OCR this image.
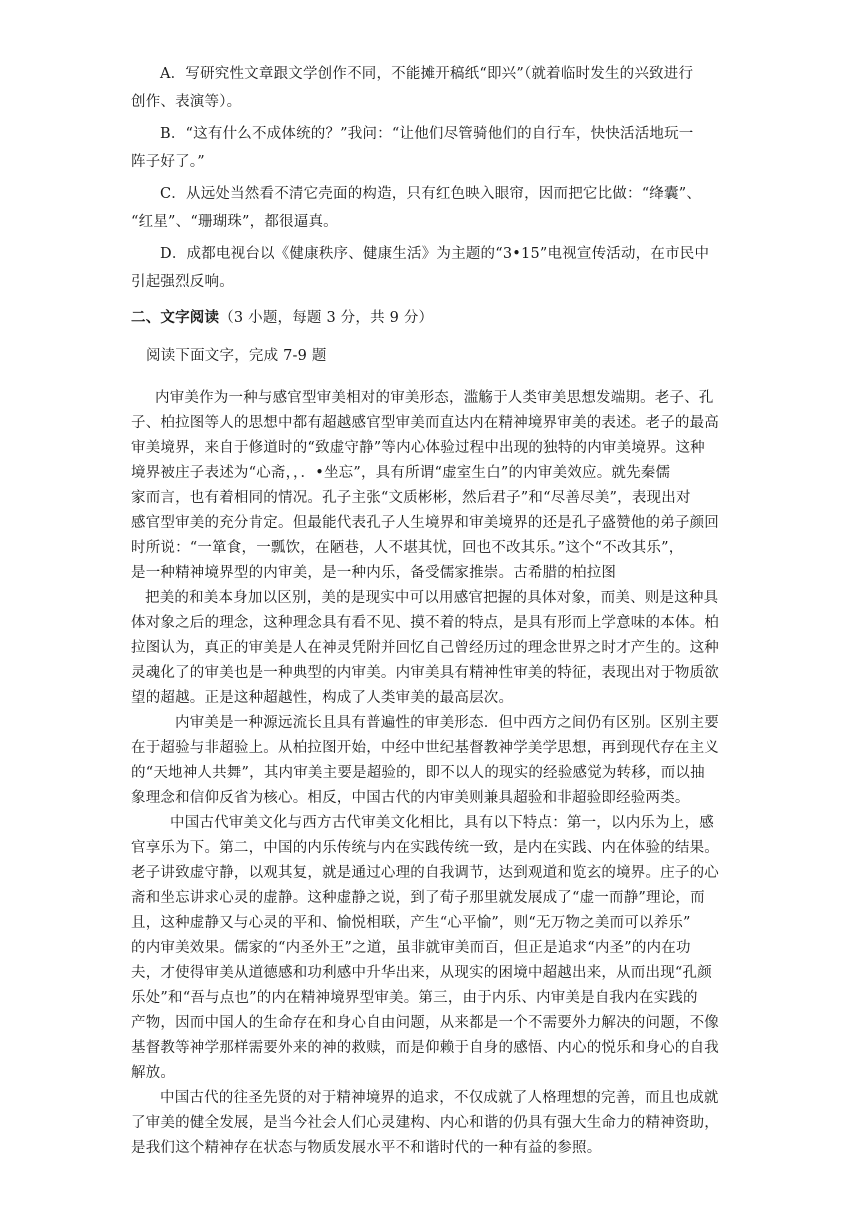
A．写研究性文章跟文学创作不同，不能摊开稿纸“即兴”（就着临时发生的兴致进行
创作、表演等）。
B．“这有什么不成体统的？”我问：“让他们尽管骑他们的自行车，快快活活地玩一
阵子好了。”
C．从远处当然看不清它壳面的构造，只有红色映入眼帘，因而把它比做：“绛囊”、
“红星”、“珊瑚珠”，都很逼真。
D．成都电视台以《健康秩序、健康生活》为主题的“3•15”电视宣传活动，在市民中
引起强烈反响。
二、文字阅读（3 小题，每题 3 分，共 9 分）
阅读下面文字，完成 7-9 题
内审美作为一种与感官型审美相对的审美形态，滥觞于人类审美思想发端期。老子、孔
子、柏拉图等人的思想中都有超越感官型审美而直达内在精神境界审美的表述。老子的最高
审美境界，来自于修道时的“致虚守静”等内心体验过程中出现的独特的内审美境界。这种
境界被庄子表述为“心斋，，．•坐忘”，具有所谓“虚室生白”的内审美效应。就先秦儒
家而言，也有着相同的情况。孔子主张“文质彬彬，然后君子”和“尽善尽美”，表现出对
感官型审美的充分肯定。但最能代表孔子人生境界和审美境界的还是孔子盛赞他的弟子颜回
时所说：“一箪食，一瓢饮，在陋巷，人不堪其忧，回也不改其乐。”这个“不改其乐”，
是一种精神境界型的内审美，是一种内乐，备受儒家推崇。古希腊的柏拉图
把美的和美本身加以区别，美的是现实中可以用感官把握的具体对象，而美、则是这种具
体对象之后的理念，这种理念具有看不见、摸不着的特点，是具有形而上学意味的本体。柏
拉图认为，真正的审美是人在神灵凭附并回忆自己曾经历过的理念世界之时才产生的。这种
灵魂化了的审美也是一种典型的内审美。内审美具有精神性审美的特征，表现出对于物质欲
望的超越。正是这种超越性，构成了人类审美的最高层次。
内审美是一种源远流长且具有普遍性的审美形态．但中西方之间仍有区别。区别主要
在于超验与非超验上。从柏拉图开始，中经中世纪基督教神学美学思想，再到现代存在主义
的“天地神人共舞”，其内审美主要是超验的，即不以人的现实的经验感觉为转移，而以抽
象理念和信仰反省为核心。相反，中国古代的内审美则兼具超验和非超验即经验两类。
中国古代审美文化与西方古代审美文化相比，具有以下特点：第一，以内乐为上，感
官享乐为下。第二，中国的内乐传统与内在实践传统一致，是内在实践、内在体验的结果。
老子讲致虚守静，以观其复，就是通过心理的自我调节，达到观道和览玄的境界。庄子的心
斋和坐忘讲求心灵的虚静。这种虚静之说，到了荀子那里就发展成了“虚一而静”理论，而
且，这种虚静又与心灵的平和、愉悦相联，产生“心平愉”，则“无万物之美而可以养乐”
的内审美效果。儒家的“内圣外王”之道，虽非就审美而百，但正是追求“内圣”的内在功
夫，才使得审美从道德感和功利感中升华出来，从现实的困境中超越出来，从而出现“孔颜
乐处”和“吾与点也”的内在精神境界型审美。第三，由于内乐、内审美是自我内在实践的
产物，因而中国人的生命存在和身心自由问题，从来都是一个不需要外力解决的问题，不像
基督教等神学那样需要外来的神的救赎，而是仰赖于自身的感悟、内心的悦乐和身心的自我
解放。
中国古代的往圣先贤的对于精神境界的追求，不仅成就了人格理想的完善，而且也成就
了审美的健全发展，是当今社会人们心灵建构、内心和谐的仍具有强大生命力的精神资助，
是我们这个精神存在状态与物质发展水平不和谐时代的一种有益的参照。
